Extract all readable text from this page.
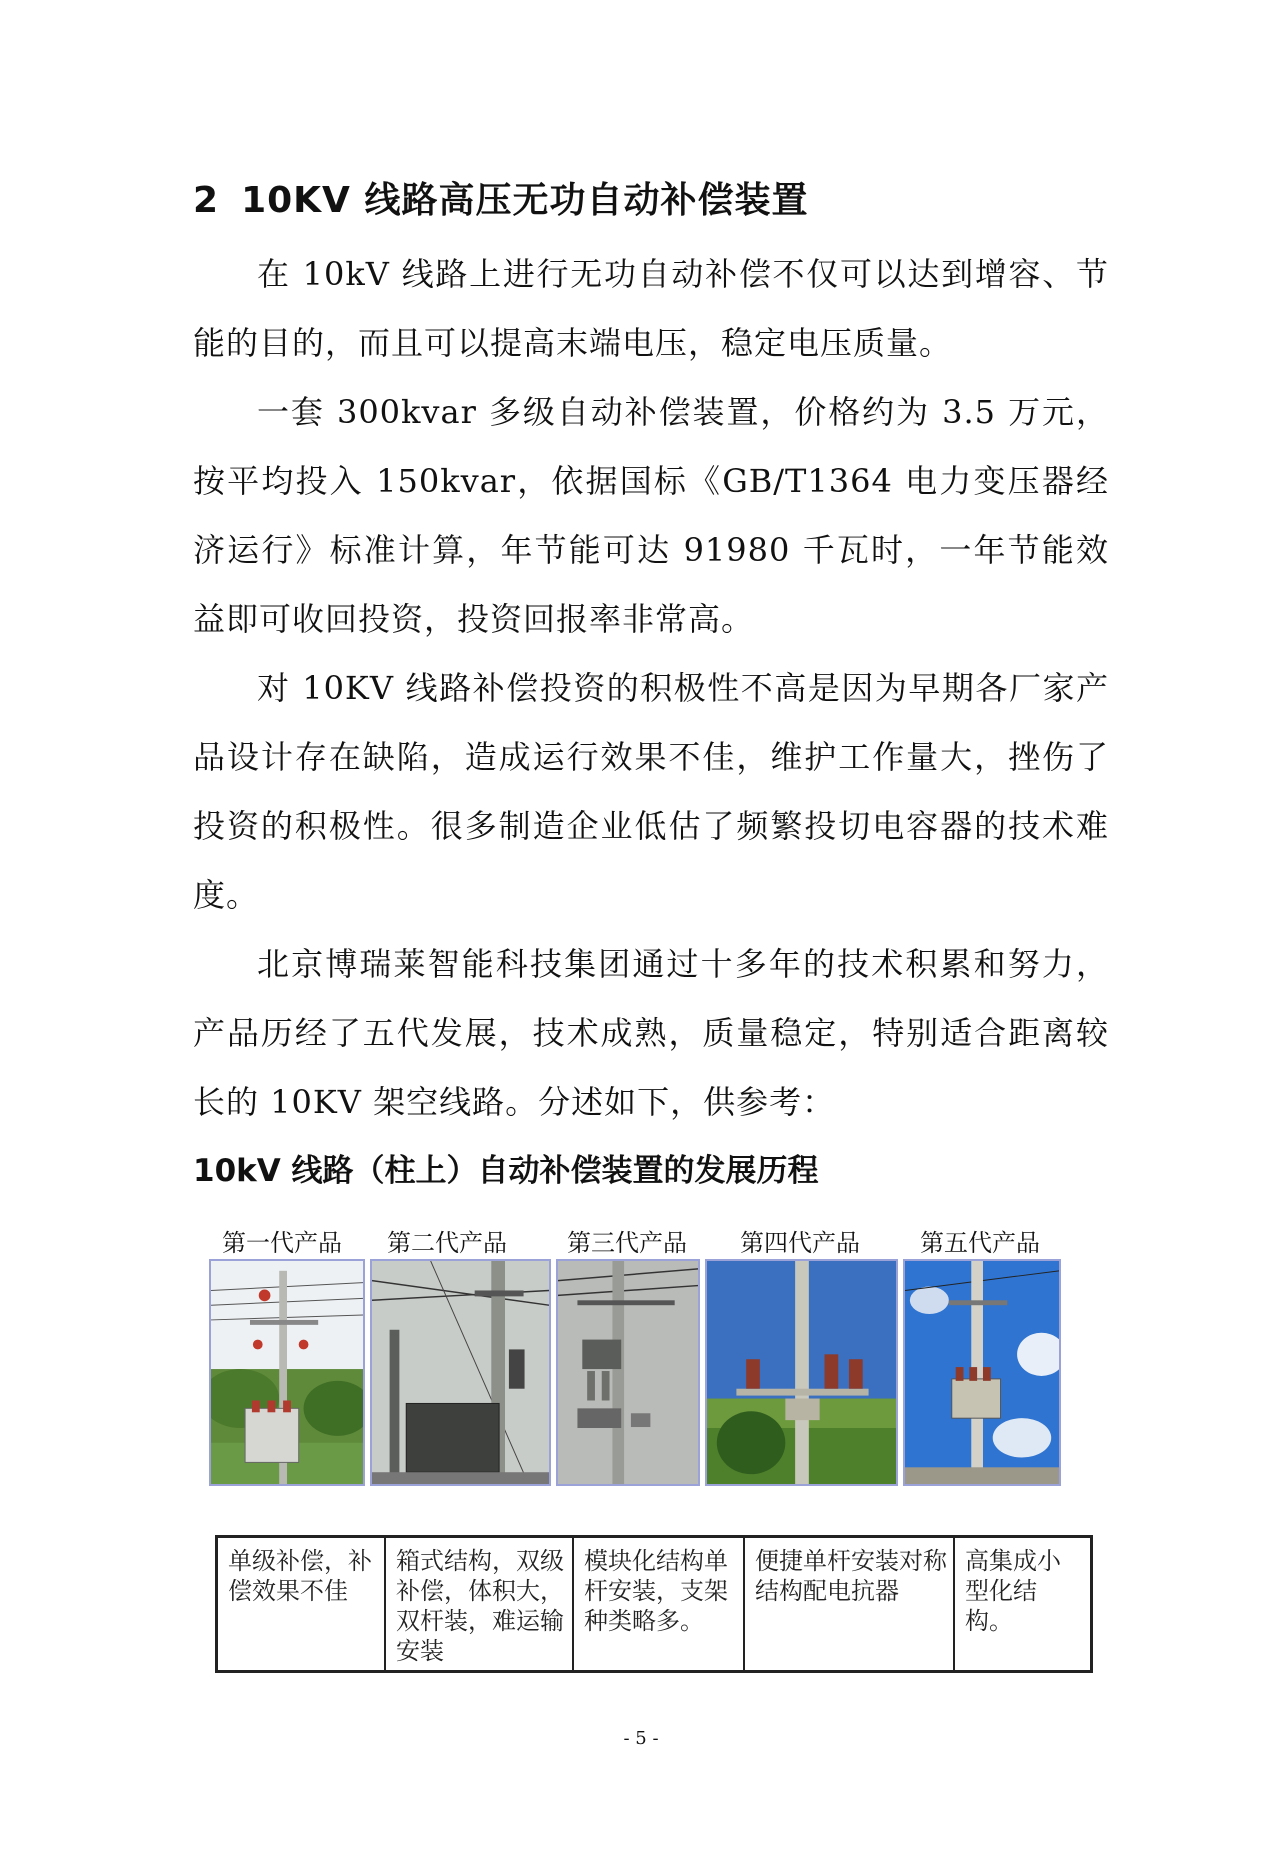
2 10KV 线路高压无功自动补偿装置

在 10kV 线路上进行无功自动补偿不仅可以达到增容、节能的目的，而且可以提高末端电压，稳定电压质量。

一套 300kvar 多级自动补偿装置，价格约为 3.5 万元，按平均投入 150kvar，依据国标《GB/T1364 电力变压器经济运行》标准计算，年节能可达 91980 千瓦时，一年节能效益即可收回投资，投资回报率非常高。

对 10KV 线路补偿投资的积极性不高是因为早期各厂家产品设计存在缺陷，造成运行效果不佳，维护工作量大，挫伤了投资的积极性。很多制造企业低估了频繁投切电容器的技术难度。

北京博瑞莱智能科技集团通过十多年的技术积累和努力，产品历经了五代发展，技术成熟，质量稳定，特别适合距离较长的 10KV 架空线路。分述如下，供参考：

10kV 线路（柱上）自动补偿装置的发展历程
第一代产品 第二代产品	第三代产品 第四代产品	第五代产品
单级补偿，补偿效果不佳	箱式结构，双级补偿，体积大，双杆装，难运输安装	模块化结构单杆安装，支架种类略多。	便捷单杆安装对称结构配电抗器	高集成小型化结构。
- 5 -
